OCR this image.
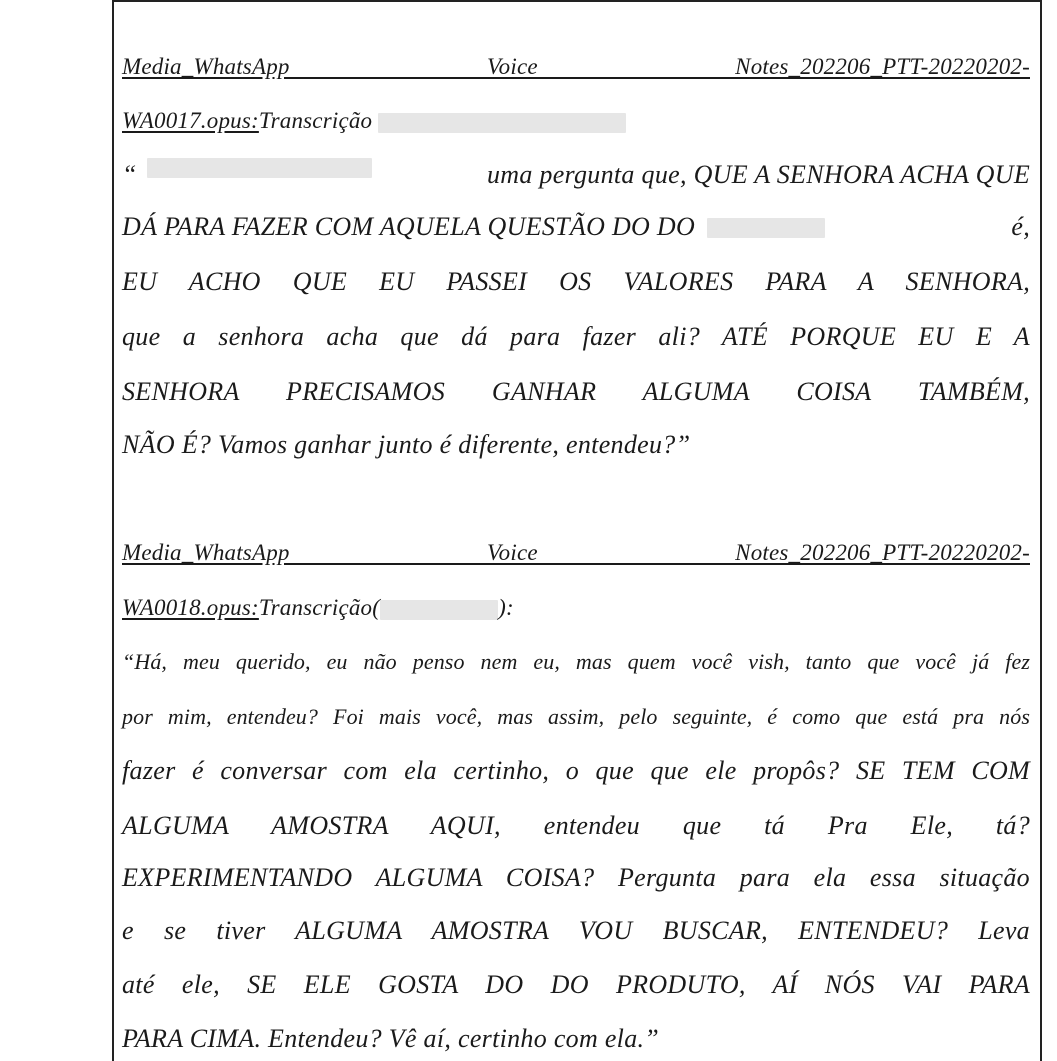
Media_WhatsApp Voice Notes_202206_PTT-20220202-
WA0017.opus:Transcrição
“	uma pergunta que, QUE A SENHORA ACHA QUE
DÁ PARA FAZER COM AQUELA QUESTÃO DO DO	é,
EU ACHO QUE EU PASSEI OS VALORES PARA A SENHORA,
que a senhora acha que dá para fazer ali? ATÉ PORQUE EU E A
SENHORA PRECISAMOS GANHAR ALGUMA COISA TAMBÉM,
NÃO É? Vamos ganhar junto é diferente, entendeu?”
Media_WhatsApp Voice Notes_202206_PTT-20220202-
WA0018.opus:Transcrição(	):
“Há, meu querido, eu não penso nem eu, mas quem você vish, tanto que você já fez
por mim, entendeu? Foi mais você, mas assim, pelo seguinte, é como que está pra nós
fazer é conversar com ela certinho, o que que ele propôs? SE TEM COM
ALGUMA AMOSTRA AQUI, entendeu que tá Pra Ele, tá?
EXPERIMENTANDO ALGUMA COISA? Pergunta para ela essa situação
e se tiver ALGUMA AMOSTRA VOU BUSCAR, ENTENDEU? Leva
até ele, SE ELE GOSTA DO DO PRODUTO, AÍ NÓS VAI PARA
PARA CIMA. Entendeu? Vê aí, certinho com ela.”
